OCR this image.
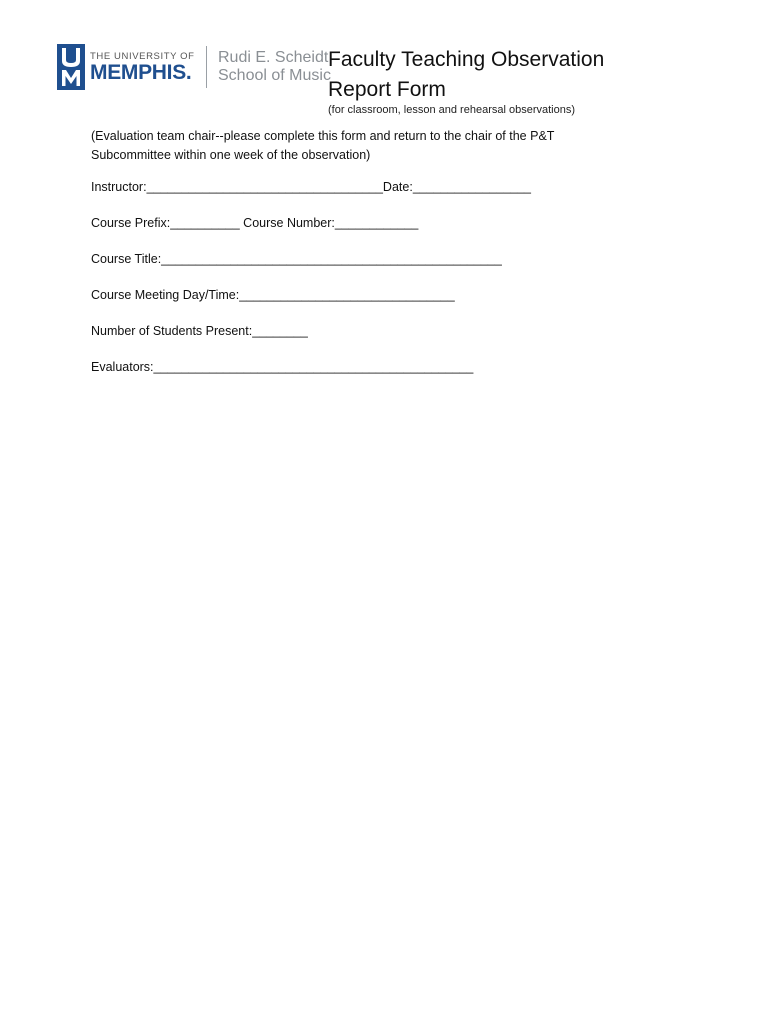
THE UNIVERSITY OF
MEMPHIS.
Rudi E. Scheidt
School of Music
Faculty Teaching Observation
Report Form
(for classroom, lesson and rehearsal observations)
(Evaluation team chair--please complete this form and return to the chair of the P&T
Subcommittee within one week of the observation)
Instructor:__________________________________Date:_________________
Course Prefix:__________ Course Number:____________
Course Title:_________________________________________________
Course Meeting Day/Time:_______________________________
Number of Students Present:________
Evaluators:______________________________________________
